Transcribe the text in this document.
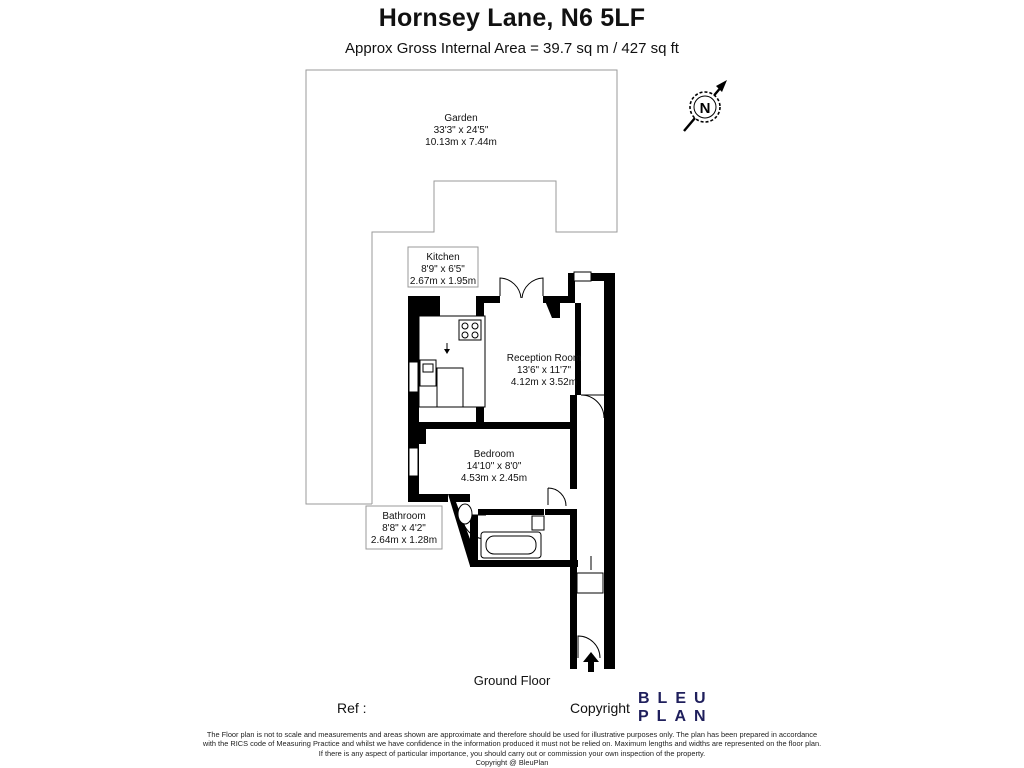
Hornsey Lane, N6 5LF
Approx Gross Internal Area = 39.7 sq m / 427 sq ft
N
Garden
33'3" x 24'5"
10.13m x 7.44m
Kitchen
8'9" x 6'5"
2.67m x 1.95m
Reception Room
13'6" x 11'7"
4.12m x 3.52m
Bedroom
14'10" x 8'0"
4.53m x 2.45m
Bathroom
8'8" x 4'2"
2.64m x 1.28m
Ground Floor
Ref :	Copyright
BLEU
PLAN
The Floor plan is not to scale and measurements and areas shown are approximate and therefore should be used for illustrative purposes only. The plan has been prepared in accordance
with the RICS code of Measuring Practice and whilst we have confidence in the information produced it must not be relied on. Maximum lengths and widths are represented on the floor plan.
If there is any aspect of particular importance, you should carry out or commission your own inspection of the property.
Copyright @ BleuPlan
